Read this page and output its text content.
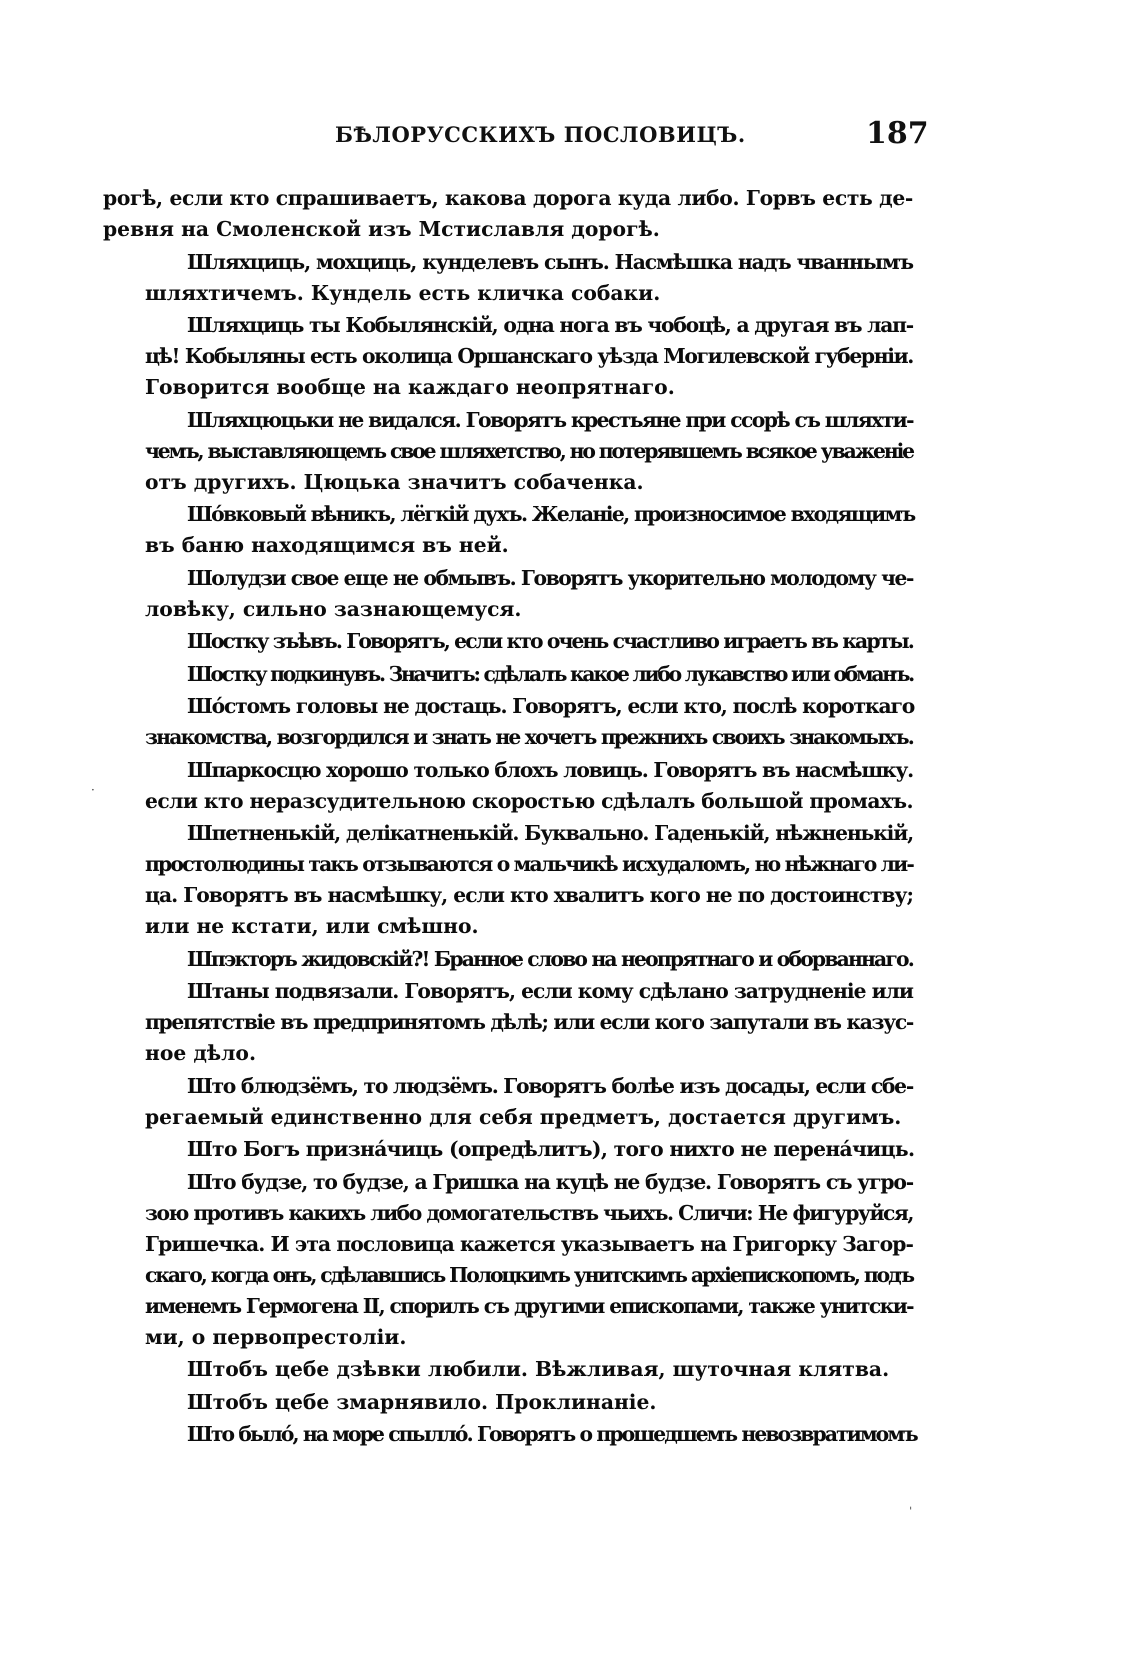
БѢЛОРУССКИХЪ ПОСЛОВИЦЪ.	187
рогѣ, если кто спрашиваетъ, какова дорога куда либо. Горвъ есть де-
ревня на Смоленской изъ Мстиславля дорогѣ.
Шляхциць, мохциць, кунделевъ сынъ. Насмѣшка надъ чваннымъ
шляхтичемъ. Кундель есть кличка собаки.
Шляхциць ты Кобылянскій, одна нога въ чобоцѣ, а другая въ лап-
цѣ! Кобыляны есть околица Оршанскаго уѣзда Могилевской губерніи.
Говорится вообще на каждаго неопрятнаго.
Шляхцюцьки не видался. Говорятъ крестьяне при ссорѣ съ шляхти-
чемъ, выставляющемъ свое шляхетство, но потерявшемъ всякое уваженіе
отъ другихъ. Цюцька значитъ собаченка.
Шо́вковый вѣникъ, лёгкій духъ. Желаніе, произносимое входящимъ
въ баню находящимся въ ней.
Шолудзи свое еще не обмывъ. Говорятъ укорительно молодому че-
ловѣку, сильно зазнающемуся.
Шостку зъѣвъ. Говорятъ, если кто очень счастливо играетъ въ карты.
Шостку подкинувъ. Значитъ: сдѣлалъ какое либо лукавство или обманъ.
Шо́стомъ головы не достаць. Говорятъ, если кто, послѣ короткаго
знакомства, возгордился и знать не хочетъ прежнихъ своихъ знакомыхъ.
Шпаркосцю хорошо только блохъ ловиць. Говорятъ въ насмѣшку.
если кто неразсудительною скоростью сдѣлалъ большой промахъ.
Шпетненькій, делікатненькій. Буквально. Гаденькій, нѣжненькій,
простолюдины такъ отзываются о мальчикѣ исхудаломъ, но нѣжнаго ли-
ца. Говорятъ въ насмѣшку, если кто хвалитъ кого не по достоинству;
или не кстати, или смѣшно.
Шпэкторъ жидовскій?! Бранное слово на неопрятнаго и оборваннаго.
Штаны подвязали. Говорятъ, если кому сдѣлано затрудненіе или
препятствіе въ предпринятомъ дѣлѣ; или если кого запутали въ казус-
ное дѣло.
Што блюдзёмъ, то людзёмъ. Говорятъ болѣе изъ досады, если сбе-
регаемый единственно для себя предметъ, достается другимъ.
Што Богъ призна́чиць (опредѣлитъ), того нихто не перена́чиць.
Што будзе, то будзе, а Гришка на куцѣ не будзе. Говорятъ съ угро-
зою противъ какихъ либо домогательствъ чьихъ. Сличи: Не фигуруйся,
Гришечка. И эта пословица кажется указываетъ на Григорку Загор-
скаго, когда онъ, сдѣлавшись Полоцкимъ унитскимъ архіепископомъ, подъ
именемъ Гермогена II, спорилъ съ другими епископами, также унитски-
ми, о первопрестоліи.
Штобъ цебе дзѣвки любили. Вѣжливая, шуточная клятва.
Штобъ цебе змарнявило. Проклинаніе.
Што было́, на море спылло́. Говорятъ о прошедшемъ невозвратимомъ
·
ˈ
